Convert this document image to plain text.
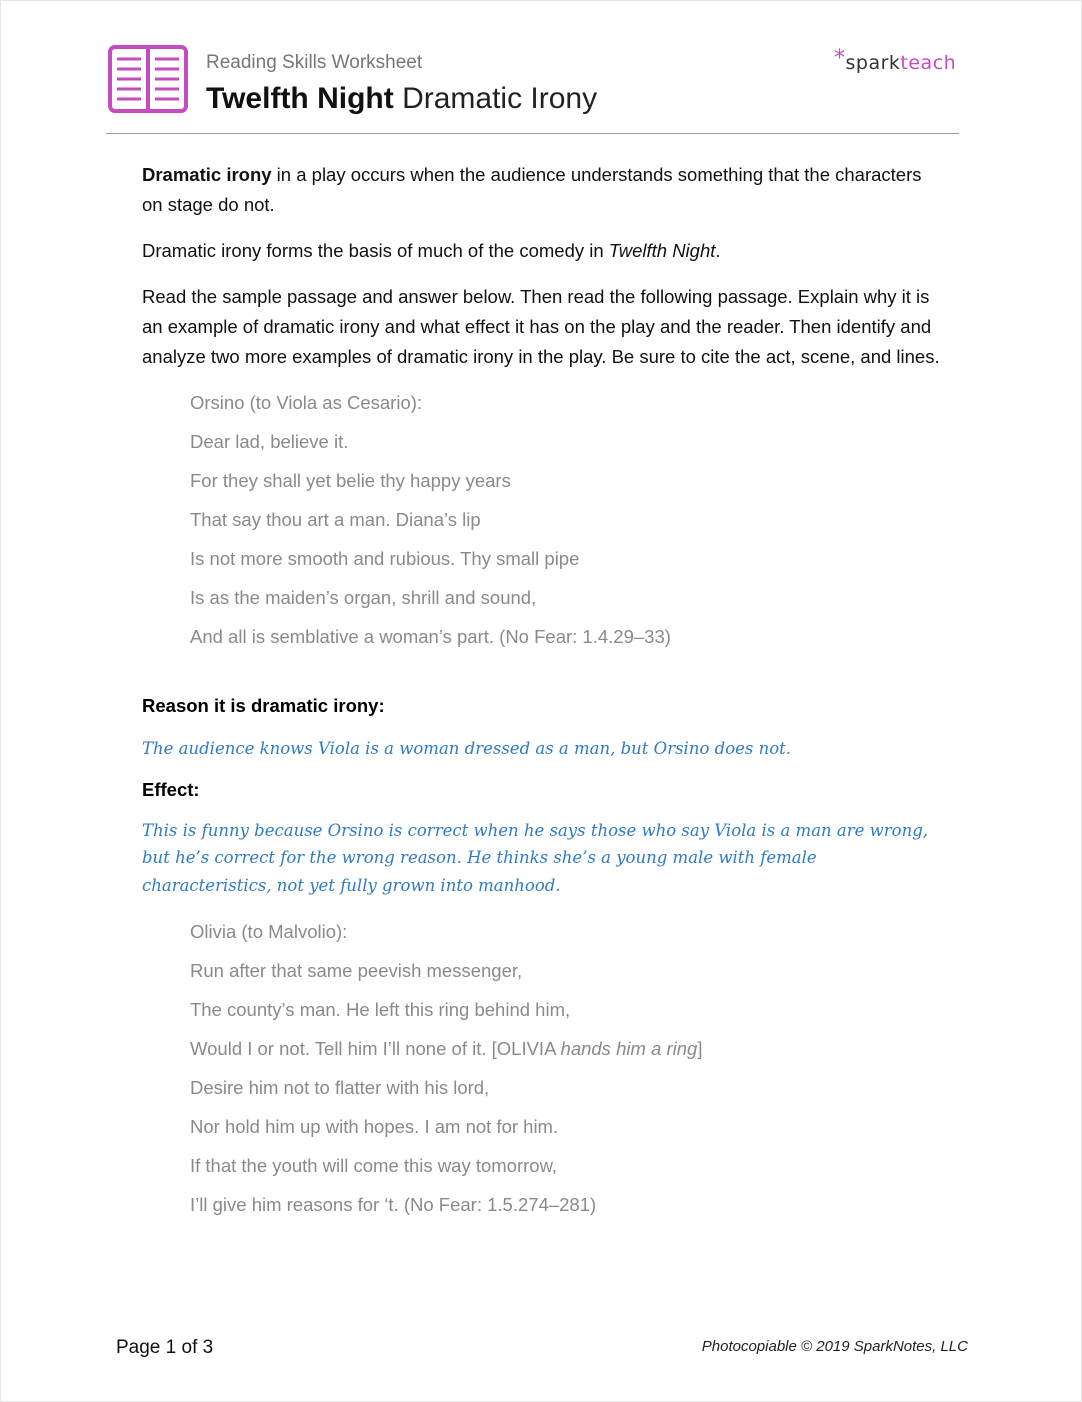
Reading Skills Worksheet
Twelfth Night Dramatic Irony
*sparkteach

Dramatic irony in a play occurs when the audience understands something that the characters on stage do not.

Dramatic irony forms the basis of much of the comedy in Twelfth Night.

Read the sample passage and answer below. Then read the following passage. Explain why it is an example of dramatic irony and what effect it has on the play and the reader. Then identify and analyze two more examples of dramatic irony in the play. Be sure to cite the act, scene, and lines.

Orsino (to Viola as Cesario):
Dear lad, believe it.
For they shall yet belie thy happy years
That say thou art a man. Diana’s lip
Is not more smooth and rubious. Thy small pipe
Is as the maiden’s organ, shrill and sound,
And all is semblative a woman’s part. (No Fear: 1.4.29–33)
Reason it is dramatic irony:
The audience knows Viola is a woman dressed as a man, but Orsino does not.
Effect:
This is funny because Orsino is correct when he says those who say Viola is a man are wrong, but he’s correct for the wrong reason. He thinks she’s a young male with female characteristics, not yet fully grown into manhood.
Olivia (to Malvolio):
Run after that same peevish messenger,
The county’s man. He left this ring behind him,
Would I or not. Tell him I’ll none of it. [OLIVIA hands him a ring]
Desire him not to flatter with his lord,
Nor hold him up with hopes. I am not for him.
If that the youth will come this way tomorrow,
I’ll give him reasons for ‘t. (No Fear: 1.5.274–281)
Page 1 of 3	Photocopiable © 2019 SparkNotes, LLC
